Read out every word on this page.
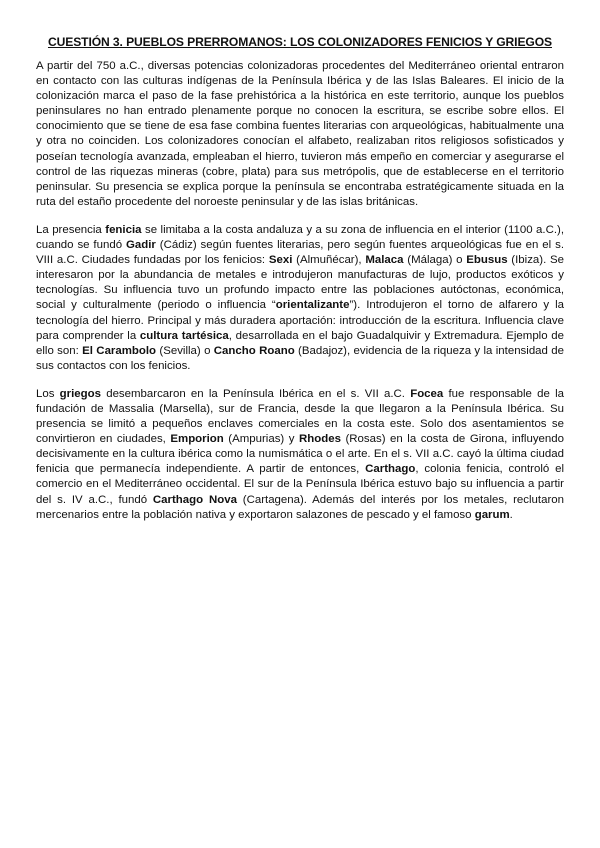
CUESTIÓN 3. PUEBLOS PRERROMANOS: LOS COLONIZADORES FENICIOS Y GRIEGOS
A partir del 750 a.C., diversas potencias colonizadoras procedentes del Mediterráneo oriental entraron en contacto con las culturas indígenas de la Península Ibérica y de las Islas Baleares. El inicio de la colonización marca el paso de la fase prehistórica a la histórica en este territorio, aunque los pueblos peninsulares no han entrado plenamente porque no conocen la escritura, se escribe sobre ellos. El conocimiento que se tiene de esa fase combina fuentes literarias con arqueológicas, habitualmente una y otra no coinciden. Los colonizadores conocían el alfabeto, realizaban ritos religiosos sofisticados y poseían tecnología avanzada, empleaban el hierro, tuvieron más empeño en comerciar y asegurarse el control de las riquezas mineras (cobre, plata) para sus metrópolis, que de establecerse en el territorio peninsular. Su presencia se explica porque la península se encontraba estratégicamente situada en la ruta del estaño procedente del noroeste peninsular y de las islas británicas.
La presencia fenicia se limitaba a la costa andaluza y a su zona de influencia en el interior (1100 a.C.), cuando se fundó Gadir (Cádiz) según fuentes literarias, pero según fuentes arqueológicas fue en el s. VIII a.C. Ciudades fundadas por los fenicios: Sexi (Almuñécar), Malaca (Málaga) o Ebusus (Ibiza). Se interesaron por la abundancia de metales e introdujeron manufacturas de lujo, productos exóticos y tecnologías. Su influencia tuvo un profundo impacto entre las poblaciones autóctonas, económica, social y culturalmente (periodo o influencia “orientalizante”). Introdujeron el torno de alfarero y la tecnología del hierro. Principal y más duradera aportación: introducción de la escritura. Influencia clave para comprender la cultura tartésica, desarrollada en el bajo Guadalquivir y Extremadura. Ejemplo de ello son: El Carambolo (Sevilla) o Cancho Roano (Badajoz), evidencia de la riqueza y la intensidad de sus contactos con los fenicios.
Los griegos desembarcaron en la Península Ibérica en el s. VII a.C. Focea fue responsable de la fundación de Massalia (Marsella), sur de Francia, desde la que llegaron a la Península Ibérica. Su presencia se limitó a pequeños enclaves comerciales en la costa este. Solo dos asentamientos se convirtieron en ciudades, Emporion (Ampurias) y Rhodes (Rosas) en la costa de Girona, influyendo decisivamente en la cultura ibérica como la numismática o el arte. En el s. VII a.C. cayó la última ciudad fenicia que permanecía independiente. A partir de entonces, Carthago, colonia fenicia, controló el comercio en el Mediterráneo occidental. El sur de la Península Ibérica estuvo bajo su influencia a partir del s. IV a.C., fundó Carthago Nova (Cartagena). Además del interés por los metales, reclutaron mercenarios entre la población nativa y exportaron salazones de pescado y el famoso garum.
